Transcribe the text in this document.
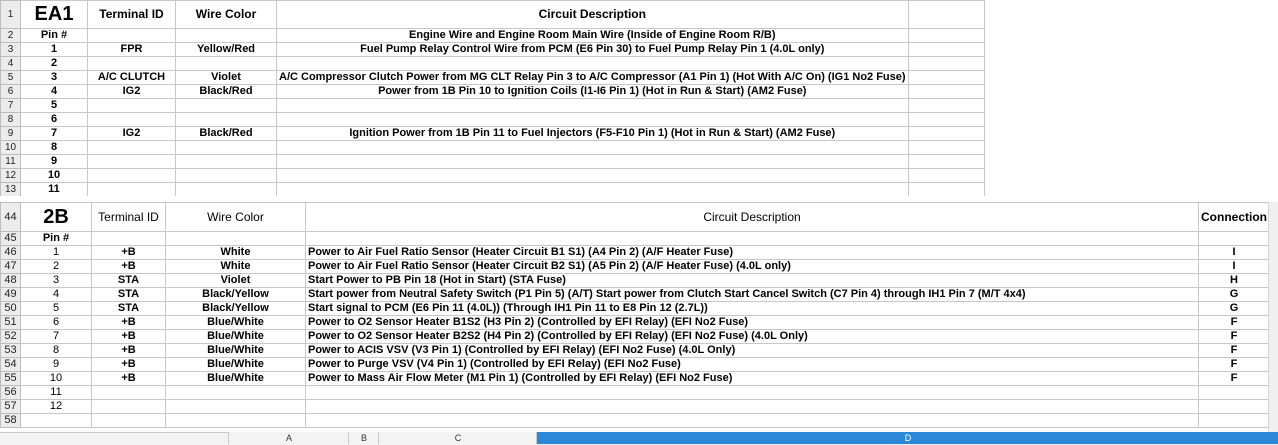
1	EA1	Terminal ID	Wire Color	Circuit Description	
2	Pin #			Engine Wire and Engine Room Main Wire (Inside of Engine Room R/B)	
3	1	FPR	Yellow/Red	Fuel Pump Relay Control Wire from PCM (E6 Pin 30) to Fuel Pump Relay Pin 1 (4.0L only)	
4	2				
5	3	A/C CLUTCH	Violet	A/C Compressor Clutch Power from MG CLT Relay Pin 3 to A/C Compressor (A1 Pin 1) (Hot With A/C On) (IG1 No2 Fuse)	
6	4	IG2	Black/Red	Power from 1B Pin 10 to Ignition Coils (I1-I6 Pin 1) (Hot in Run & Start) (AM2 Fuse)	
7	5				
8	6				
9	7	IG2	Black/Red	Ignition Power from 1B Pin 11 to Fuel Injectors (F5-F10 Pin 1) (Hot in Run & Start) (AM2 Fuse)	
10	8				
11	9				
12	10				
13	11				
44	2B	Terminal ID	Wire Color	Circuit Description	Connection
45	Pin #				
46	1	+B	White	Power to Air Fuel Ratio Sensor (Heater Circuit B1 S1) (A4 Pin 2) (A/F Heater Fuse)	I
47	2	+B	White	Power to Air Fuel Ratio Sensor (Heater Circuit B2 S1) (A5 Pin 2) (A/F Heater Fuse) (4.0L only)	I
48	3	STA	Violet	Start Power to PB Pin 18 (Hot in Start) (STA Fuse)	H
49	4	STA	Black/Yellow	Start power from Neutral Safety Switch (P1 Pin 5) (A/T) Start power from Clutch Start Cancel Switch (C7 Pin 4) through IH1 Pin 7 (M/T 4x4)	G
50	5	STA	Black/Yellow	Start signal to PCM (E6 Pin 11 (4.0L)) (Through IH1 Pin 11 to E8 Pin 12 (2.7L))	G
51	6	+B	Blue/White	Power to O2 Sensor Heater B1S2 (H3 Pin 2) (Controlled by EFI Relay) (EFI No2 Fuse)	F
52	7	+B	Blue/White	Power to O2 Sensor Heater B2S2 (H4 Pin 2) (Controlled by EFI Relay) (EFI No2 Fuse) (4.0L Only)	F
53	8	+B	Blue/White	Power to ACIS VSV (V3 Pin 1) (Controlled by EFI Relay) (EFI No2 Fuse) (4.0L Only)	F
54	9	+B	Blue/White	Power to Purge VSV (V4 Pin 1) (Controlled by EFI Relay) (EFI No2 Fuse)	F
55	10	+B	Blue/White	Power to Mass Air Flow Meter (M1 Pin 1) (Controlled by EFI Relay) (EFI No2 Fuse)	F
56	11				
57	12				
58					
A	B	C	D
